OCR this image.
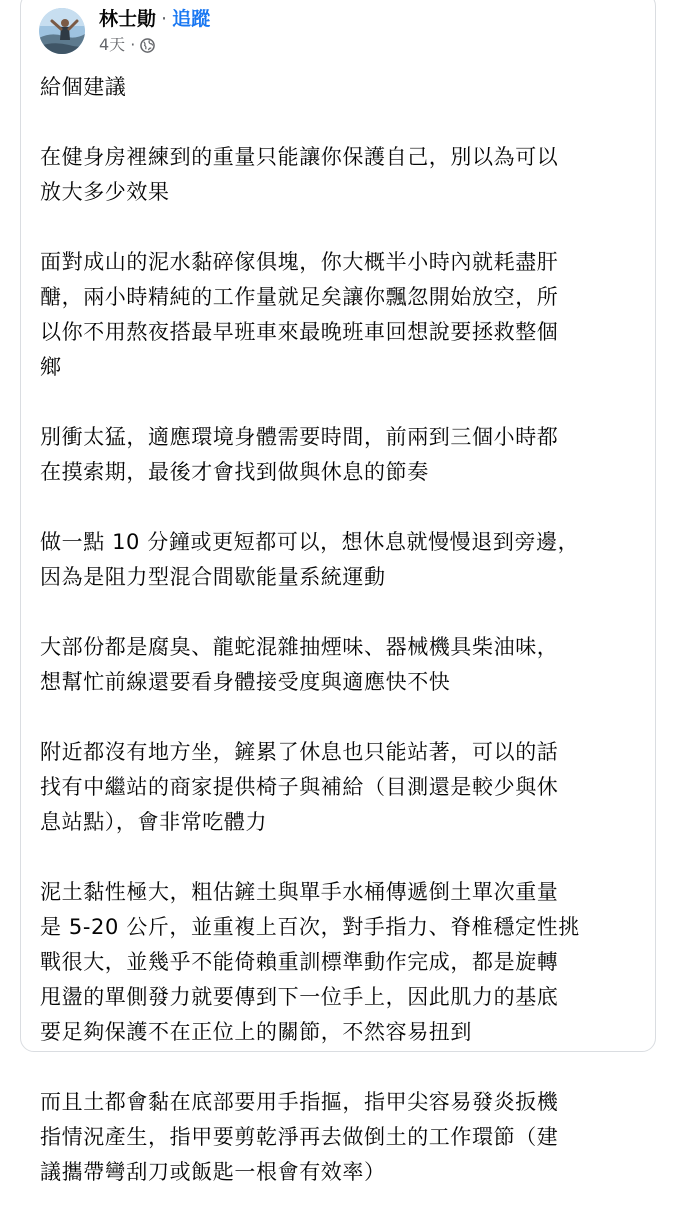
林士勛 · 追蹤
4天 ·

給個建議

在健身房裡練到的重量只能讓你保護自己，別以為可以
放大多少效果

面對成山的泥水黏碎傢俱塊，你大概半小時內就耗盡肝
醣，兩小時精純的工作量就足矣讓你飄忽開始放空，所
以你不用熬夜搭最早班車來最晚班車回想說要拯救整個
鄉

別衝太猛，適應環境身體需要時間，前兩到三個小時都
在摸索期，最後才會找到做與休息的節奏

做一點 10 分鐘或更短都可以，想休息就慢慢退到旁邊，
因為是阻力型混合間歇能量系統運動

大部份都是腐臭、龍蛇混雜抽煙味、器械機具柴油味，
想幫忙前線還要看身體接受度與適應快不快

附近都沒有地方坐，鏟累了休息也只能站著，可以的話
找有中繼站的商家提供椅子與補給（目測還是較少與休
息站點），會非常吃體力

泥土黏性極大，粗估鏟土與單手水桶傳遞倒土單次重量
是 5-20 公斤，並重複上百次，對手指力、脊椎穩定性挑
戰很大，並幾乎不能倚賴重訓標準動作完成，都是旋轉
甩盪的單側發力就要傳到下一位手上，因此肌力的基底
要足夠保護不在正位上的關節，不然容易扭到

而且土都會黏在底部要用手指摳，指甲尖容易發炎扳機
指情況產生，指甲要剪乾淨再去做倒土的工作環節（建
議攜帶彎刮刀或飯匙一根會有效率）
